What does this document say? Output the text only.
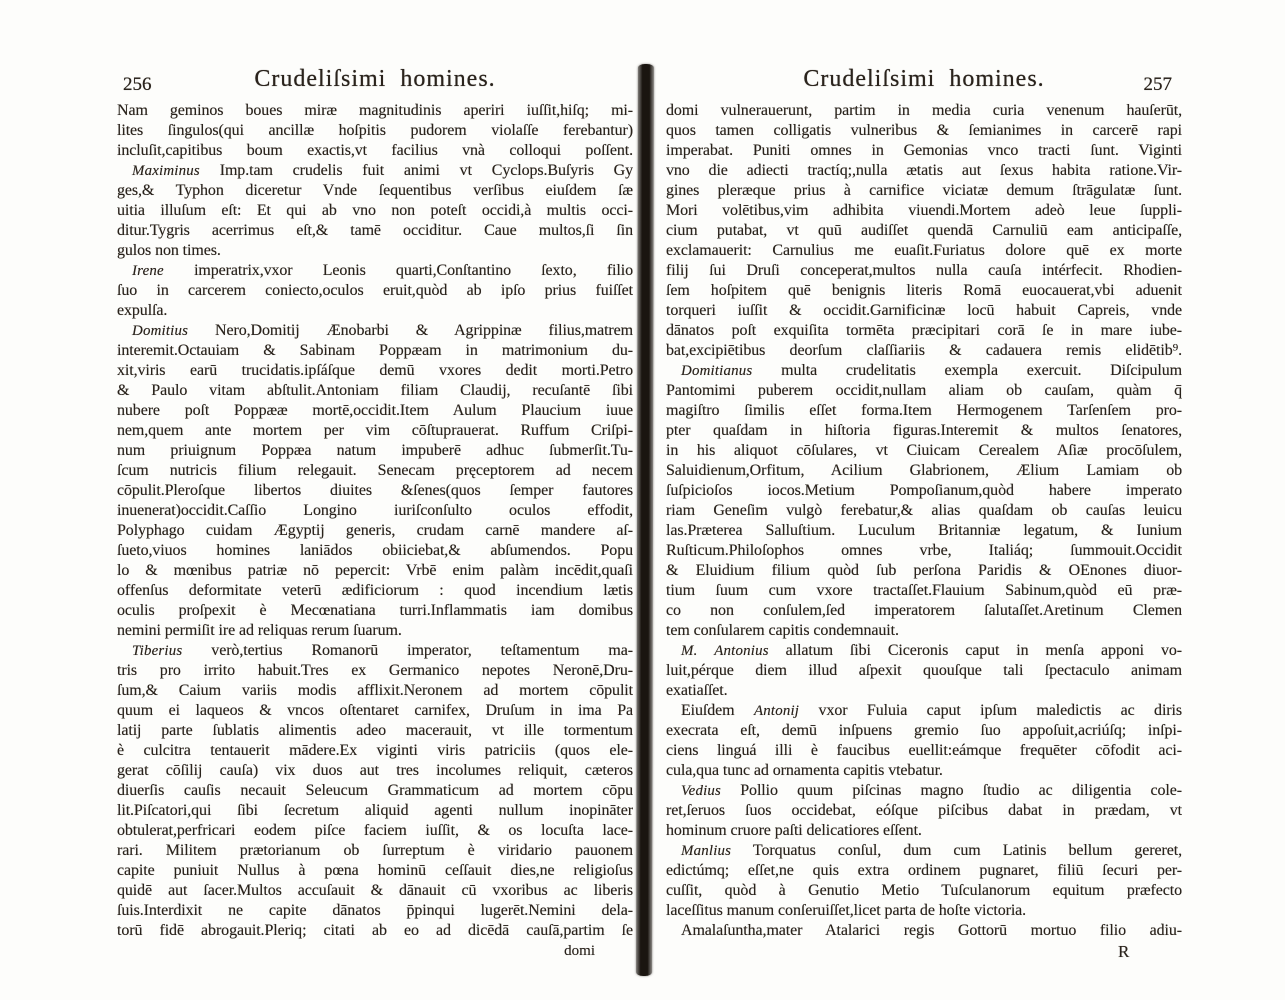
256	Crudeliſsimi homines.
Nam geminos boues miræ magnitudinis aperiri iuſſit,hiſq; mi-
lites ſingulos(qui ancillæ hoſpitis pudorem violaſſe ferebantur)
incluſit,capitibus boum exactis,vt facilius vnà colloqui poſſent.
Maximinus Imp.tam crudelis fuit animi vt Cyclops.Buſyris Gy
ges,& Typhon diceretur Vnde ſequentibus verſibus eiuſdem ſæ
uitia illuſum eſt: Et qui ab vno non poteſt occidi,à multis occi-
ditur.Tygris acerrimus eſt,& tamē occiditur. Caue multos,ſi ſin
gulos non times.
Irene imperatrix,vxor Leonis quarti,Conſtantino ſexto, filio
ſuo in carcerem coniecto,oculos eruit,quòd ab ipſo prius fuiſſet
expulſa.
Domitius Nero,Domitij Ænobarbi & Agrippinæ filius,matrem
interemit.Octauiam & Sabinam Poppæam in matrimonium du-
xit,viris earū trucidatis.ipſáſque demū vxores dedit morti.Petro
& Paulo vitam abſtulit.Antoniam filiam Claudij, recuſantē ſibi
nubere poſt Poppææ mortē,occidit.Item Aulum Plaucium iuue
nem,quem ante mortem per vim cōſtuprauerat. Ruffum Criſpi-
num priuignum Poppæa natum impuberē adhuc ſubmerſit.Tu-
ſcum nutricis filium relegauit. Senecam pręceptorem ad necem
cōpulit.Pleroſque libertos diuites &ſenes(quos ſemper fautores
inuenerat)occidit.Caſſio Longino iuriſconſulto oculos effodit,
Polyphago cuidam Ægyptij generis, crudam carnē mandere aſ-
ſueto,viuos homines laniādos obiiciebat,& abſumendos. Popu
lo & mœnibus patriæ nō pepercit: Vrbē enim palàm incēdit,quaſi
offenſus deformitate veterū ædificiorum : quod incendium lætis
oculis proſpexit è Mecœnatiana turri.Inflammatis iam domibus
nemini permiſit ire ad reliquas rerum ſuarum.
Tiberius verò,tertius Romanorū imperator, teſtamentum ma-
tris pro irrito habuit.Tres ex Germanico nepotes Neronē,Dru-
ſum,& Caium variis modis afflixit.Neronem ad mortem cōpulit
quum ei laqueos & vncos oſtentaret carnifex, Druſum in ima Pa
latij parte ſublatis alimentis adeo macerauit, vt ille tormentum
è culcitra tentauerit mādere.Ex viginti viris patriciis (quos ele-
gerat cōſilij cauſa) vix duos aut tres incolumes reliquit, cæteros
diuerſis cauſis necauit Seleucum Grammaticum ad mortem cōpu
lit.Piſcatori,qui ſibi ſecretum aliquid agenti nullum inopināter
obtulerat,perfricari eodem piſce faciem iuſſit, & os locuſta lace-
rari. Militem prætorianum ob ſurreptum è viridario pauonem
capite puniuit Nullus à pœna hominū ceſſauit dies,ne religioſus
quidē aut ſacer.Multos accuſauit & dānauit cū vxoribus ac liberis
ſuis.Interdixit ne capite dānatos p̄pinqui lugerēt.Nemini dela-
torū fidē abrogauit.Pleriq; citati ab eo ad dicēdā cauſā,partim ſe
domi
Crudeliſsimi homines.	257
domi vulnerauerunt, partim in media curia venenum hauſerūt,
quos tamen colligatis vulneribus & ſemianimes in carcerē rapi
imperabat. Puniti omnes in Gemonias vnco tracti ſunt. Viginti
vno die adiecti tractíq;,nulla ætatis aut ſexus habita ratione.Vir-
gines pleræque prius à carnifice viciatæ demum ſtrāgulatæ ſunt.
Mori volētibus,vim adhibita viuendi.Mortem adeò leue ſuppli-
cium putabat, vt quū audiſſet quendā Carnuliū eam anticipaſſe,
exclamauerit: Carnulius me euaſit.Furiatus dolore quē ex morte
filij ſui Druſi conceperat,multos nulla cauſa intérfecit. Rhodien-
ſem hoſpitem quē benignis literis Romā euocauerat,vbi aduenit
torqueri iuſſit & occidit.Garnificinæ locū habuit Capreis, vnde
dānatos poſt exquiſita tormēta præcipitari corā ſe in mare iube-
bat,excipiētibus deorſum claſſiariis & cadauera remis elidētib⁹.
Domitianus multa crudelitatis exempla exercuit. Diſcipulum
Pantomimi puberem occidit,nullam aliam ob cauſam, quàm q̄
magiſtro ſimilis eſſet forma.Item Hermogenem Tarſenſem pro-
pter quaſdam in hiſtoria figuras.Interemit & multos ſenatores,
in his aliquot cōſulares, vt Ciuicam Cerealem Aſiæ procōſulem,
Saluidienum,Orfitum, Acilium Glabrionem, Ælium Lamiam ob
ſuſpicioſos iocos.Metium Pompoſianum,quòd habere imperato
riam Geneſim vulgò ferebatur,& alias quaſdam ob cauſas leuicu
las.Præterea Salluſtium. Luculum Britanniæ legatum, & Iunium
Ruſticum.Philoſophos omnes vrbe, Italiáq; ſummouit.Occidit
& Eluidium filium quòd ſub perſona Paridis & OEnones diuor-
tium ſuum cum vxore tractaſſet.Flauium Sabinum,quòd eū præ-
co non conſulem,ſed imperatorem ſalutaſſet.Aretinum Clemen
tem conſularem capitis condemnauit.
M. Antonius allatum ſibi Ciceronis caput in menſa apponi vo-
luit,pérque diem illud aſpexit quouſque tali ſpectaculo animam
exatiaſſet.
Eiuſdem Antonij vxor Fuluia caput ipſum maledictis ac diris
execrata eſt, demū inſpuens gremio ſuo appoſuit,acriúſq; inſpi-
ciens linguá illi è faucibus euellit:eámque frequēter cōfodit aci-
cula,qua tunc ad ornamenta capitis vtebatur.
Vedius Pollio quum piſcinas magno ſtudio ac diligentia cole-
ret,ſeruos ſuos occidebat, eóſque piſcibus dabat in prædam, vt
hominum cruore paſti delicatiores eſſent.
Manlius Torquatus conſul, dum cum Latinis bellum gereret,
edictúmq; eſſet,ne quis extra ordinem pugnaret, filiū ſecuri per-
cuſſit, quòd à Genutio Metio Tuſculanorum equitum præfecto
laceſſitus manum conſeruiſſet,licet parta de hoſte victoria.
Amalaſuntha,mater Atalarici regis Gottorū mortuo filio adiu-
R
